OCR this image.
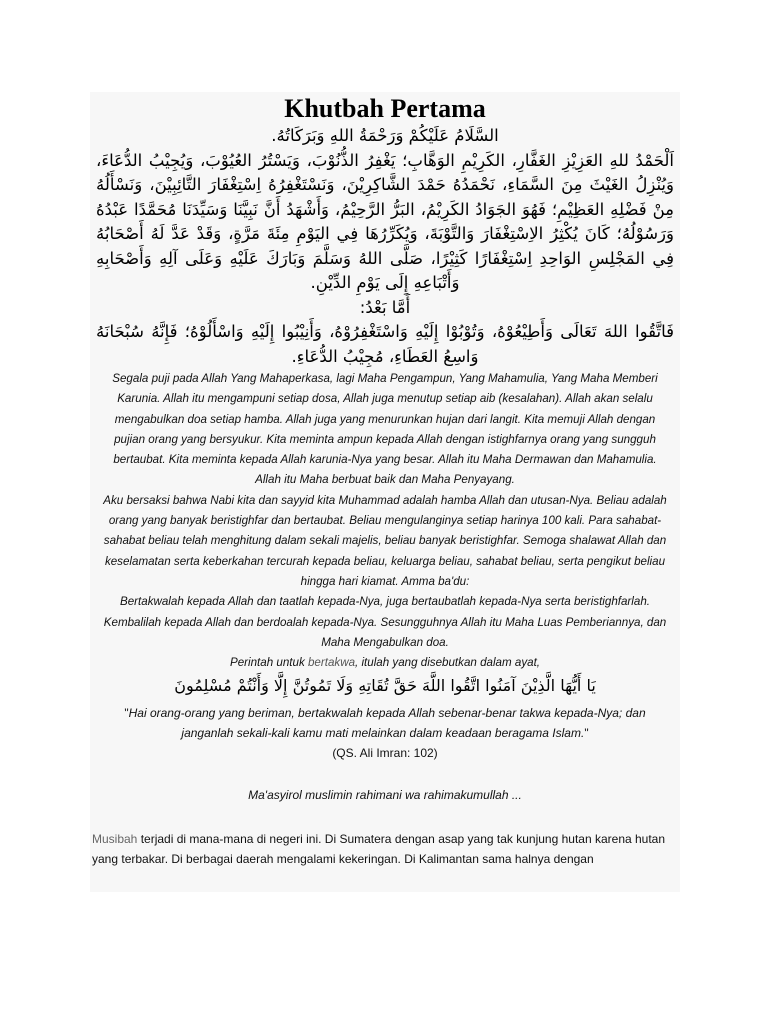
Khutbah Pertama
السَّلَامُ عَلَيْكُمْ وَرَحْمَةُ اللهِ وَبَرَكَاتُهُ.
اَلْحَمْدُ للهِ العَزِيْزِ الغَفَّارِ، الكَرِيْمِ الوَهَّابِ؛ يَغْفِرُ الذُّنُوْبَ، وَيَسْتُرُ العُيُوْبَ، وَيُجِيْبُ الدُّعَاءَ، وَيُنْزِلُ الغَيْثَ مِنَ السَّمَاءِ، نَحْمَدُهُ حَمْدَ الشَّاكِرِيْنَ، وَنَسْتَغْفِرُهُ اِسْتِغْفَارَ التَّائِبِيْنَ، وَنَسْأَلُهُ مِنْ فَضْلِهِ العَظِيْمِ؛ فَهُوَ الجَوَادُ الكَرِيْمُ، البَرُّ الرَّحِيْمُ، وَأَشْهَدُ أَنَّ نَبِيَّنَا وَسَيِّدَنَا مُحَمَّدًا عَبْدُهُ وَرَسُوْلُهُ؛ كَانَ يُكْثِرُ الاِسْتِغْفَارَ وَالتَّوْبَةَ، وَيُكَرِّرُهَا فِي اليَوْمِ مِئَةَ مَرَّةٍ، وَقَدْ عَدَّ لَهُ أَصْحَابُهُ فِي المَجْلِسِ الوَاحِدِ اِسْتِغْفَارًا كَثِيْرًا، صَلَّى اللهُ وَسَلَّمَ وَبَارَكَ عَلَيْهِ وَعَلَى آلِهِ وَأَصْحَابِهِ وَأَتْبَاعِهِ إِلَى يَوْمِ الدِّيْنِ.
أَمَّا بَعْدُ:
فَاتَّقُوا اللهَ تَعَالَى وَأَطِيْعُوْهُ، وَتُوْبُوْا إِلَيْهِ وَاسْتَغْفِرُوْهُ، وَأَنِيْبُوا إِلَيْهِ وَاسْأَلُوْهُ؛ فَإِنَّهُ سُبْحَانَهُ وَاسِعُ العَطَاءِ، مُجِيْبُ الدُّعَاءِ.

Segala puji pada Allah Yang Mahaperkasa, lagi Maha Pengampun, Yang Mahamulia, Yang Maha Memberi Karunia. Allah itu mengampuni setiap dosa, Allah juga menutup setiap aib (kesalahan). Allah akan selalu mengabulkan doa setiap hamba. Allah juga yang menurunkan hujan dari langit. Kita memuji Allah dengan pujian orang yang bersyukur. Kita meminta ampun kepada Allah dengan istighfarnya orang yang sungguh bertaubat. Kita meminta kepada Allah karunia-Nya yang besar. Allah itu Maha Dermawan dan Mahamulia. Allah itu Maha berbuat baik dan Maha Penyayang.

Aku bersaksi bahwa Nabi kita dan sayyid kita Muhammad adalah hamba Allah dan utusan-Nya. Beliau adalah orang yang banyak beristighfar dan bertaubat. Beliau mengulanginya setiap harinya 100 kali. Para sahabat-sahabat beliau telah menghitung dalam sekali majelis, beliau banyak beristighfar. Semoga shalawat Allah dan keselamatan serta keberkahan tercurah kepada beliau, keluarga beliau, sahabat beliau, serta pengikut beliau hingga hari kiamat. Amma ba'du:

Bertakwalah kepada Allah dan taatlah kepada-Nya, juga bertaubatlah kepada-Nya serta beristighfarlah. Kembalilah kepada Allah dan berdoalah kepada-Nya. Sesungguhnya Allah itu Maha Luas Pemberiannya, dan Maha Mengabulkan doa.

Perintah untuk bertakwa, itulah yang disebutkan dalam ayat,

يَا أَيُّهَا الَّذِيْنَ آمَنُوا اتَّقُوا اللَّهَ حَقَّ تُقَاتِهِ وَلَا تَمُوتُنَّ إِلَّا وَأَنْتُمْ مُسْلِمُونَ

"Hai orang-orang yang beriman, bertakwalah kepada Allah sebenar-benar takwa kepada-Nya; dan janganlah sekali-kali kamu mati melainkan dalam keadaan beragama Islam."

(QS. Ali Imran: 102)

Ma'asyirol muslimin rahimani wa rahimakumullah ...

Musibah terjadi di mana-mana di negeri ini. Di Sumatera dengan asap yang tak kunjung hutan karena hutan yang terbakar. Di berbagai daerah mengalami kekeringan. Di Kalimantan sama halnya dengan
